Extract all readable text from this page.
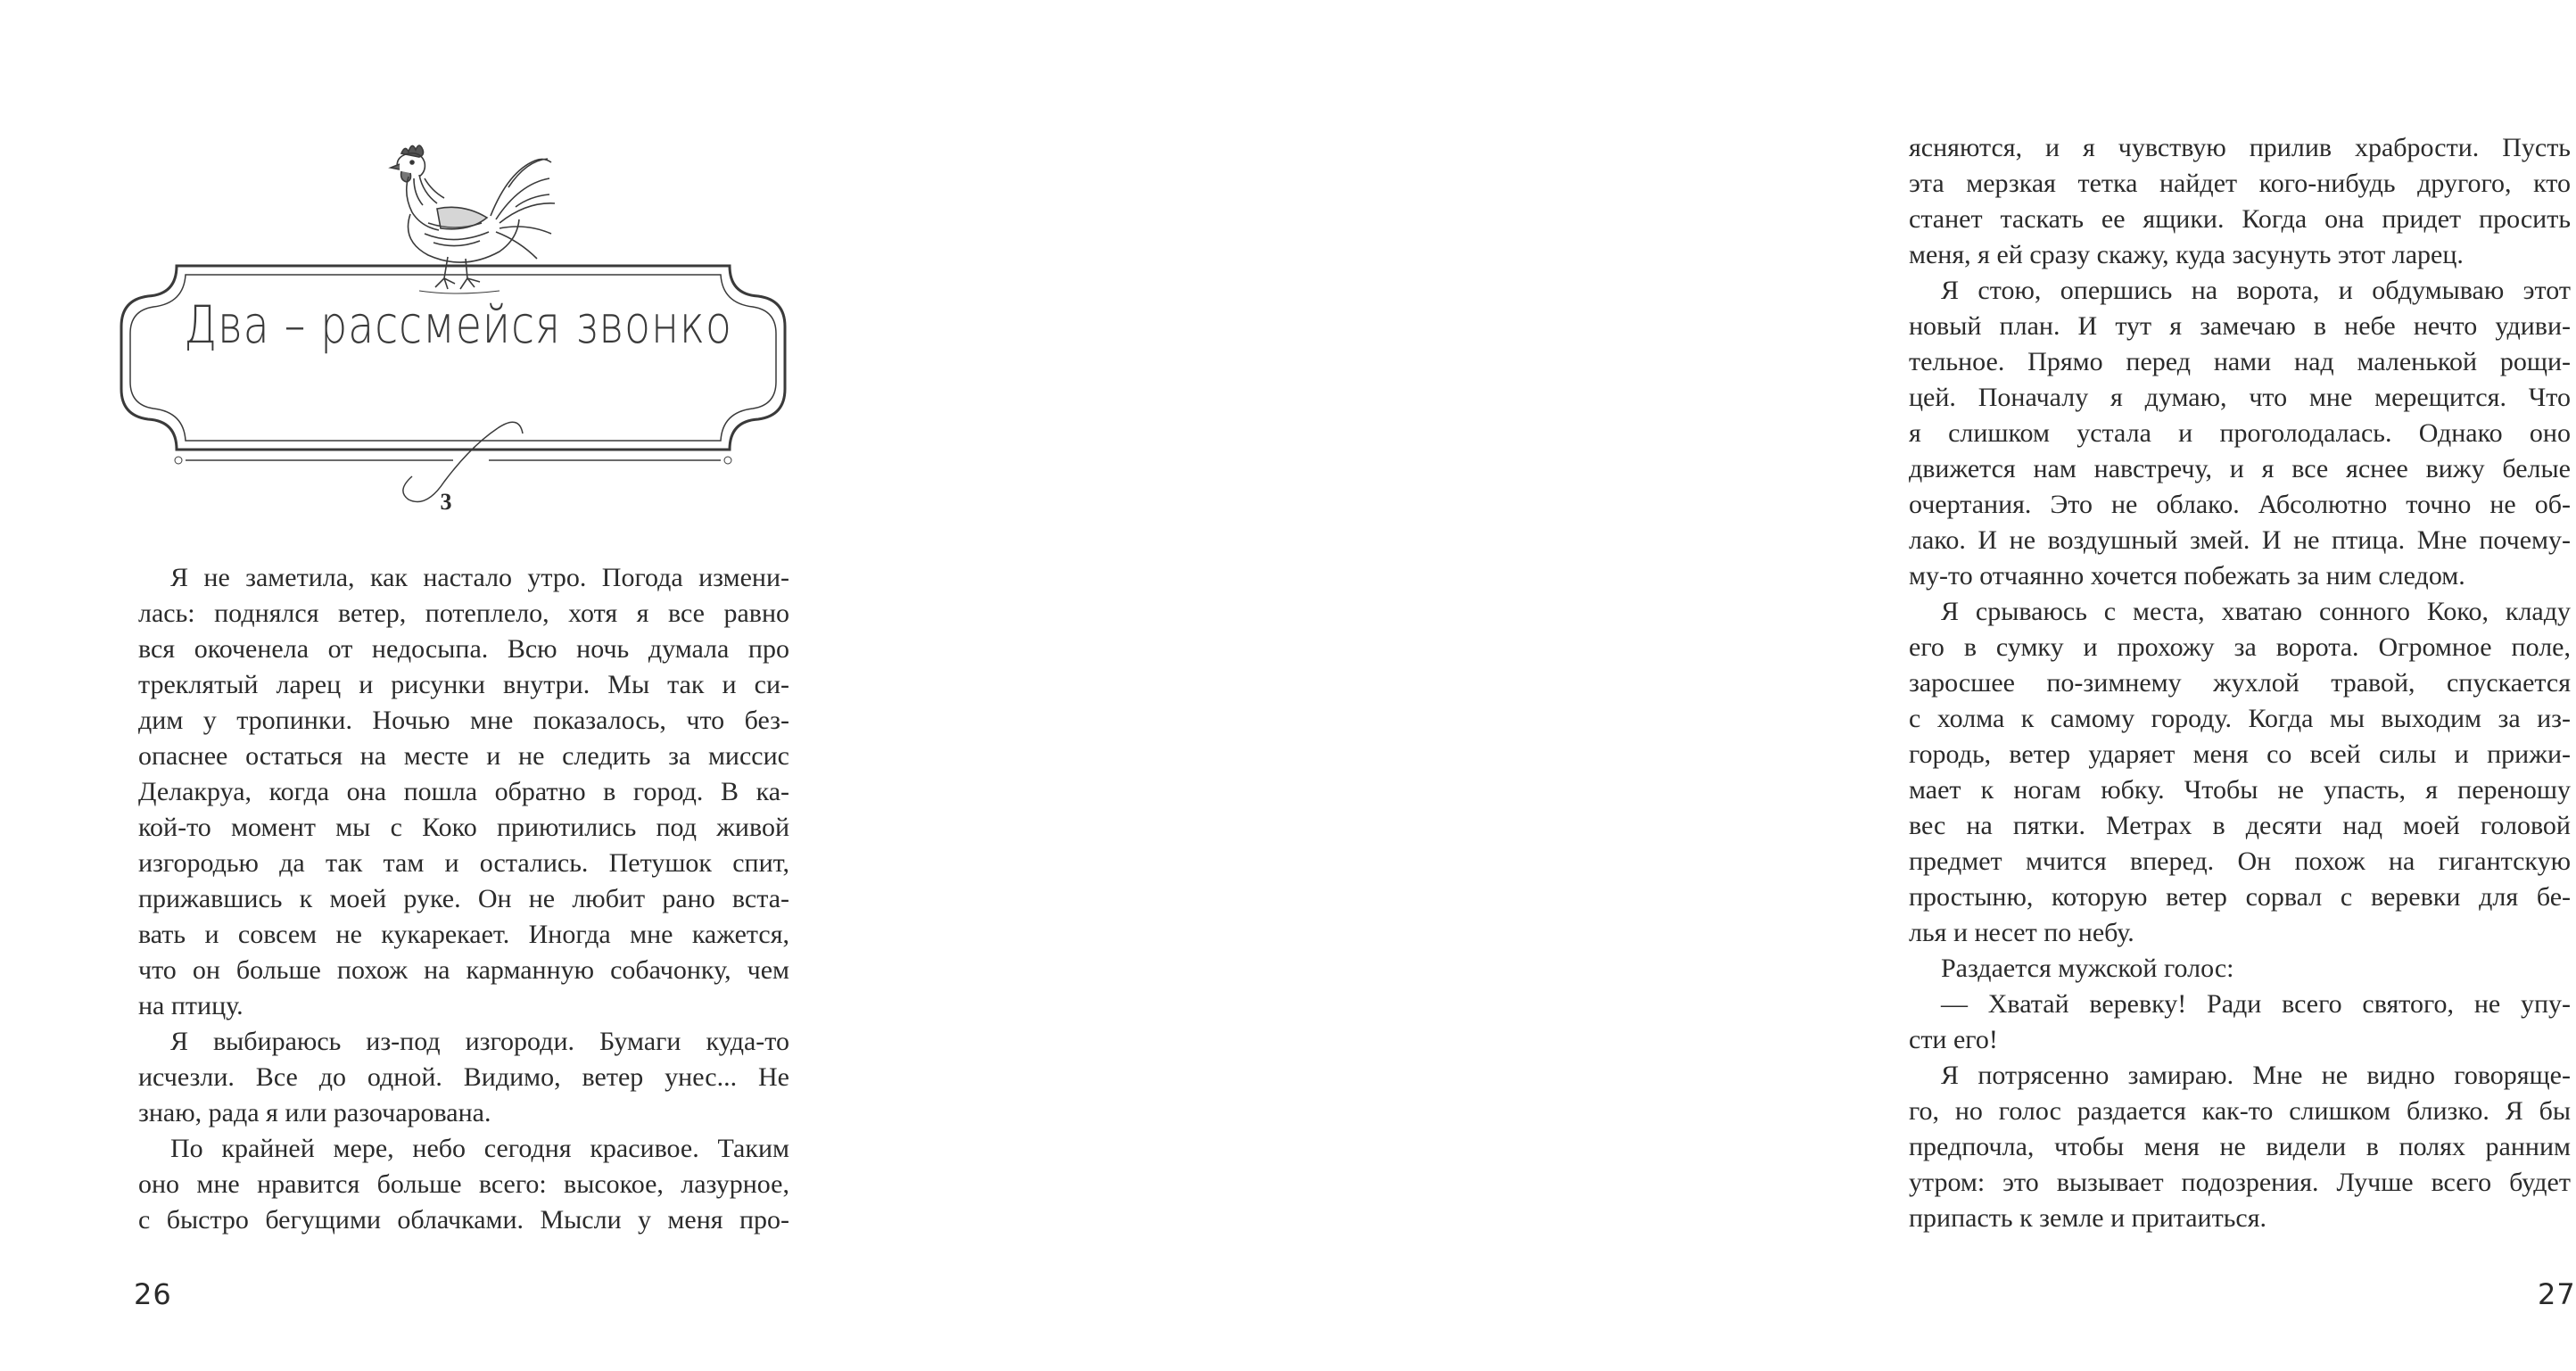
Два – рассмейся звонко
3
Я не заметила, как настало утро. Погода измени-
лась: поднялся ветер, потеплело, хотя я все равно
вся окоченела от недосыпа. Всю ночь думала про
треклятый ларец и рисунки внутри. Мы так и си-
дим у тропинки. Ночью мне показалось, что без-
опаснее остаться на месте и не следить за миссис
Делакруа, когда она пошла обратно в город. В ка-
кой-то момент мы с Коко приютились под живой
изгородью да так там и остались. Петушок спит,
прижавшись к моей руке. Он не любит рано вста-
вать и совсем не кукарекает. Иногда мне кажется,
что он больше похож на карманную собачонку, чем
на птицу.
Я выбираюсь из-под изгороди. Бумаги куда-то
исчезли. Все до одной. Видимо, ветер унес... Не
знаю, рада я или разочарована.
По крайней мере, небо сегодня красивое. Таким
оно мне нравится больше всего: высокое, лазурное,
с быстро бегущими облачками. Мысли у меня про-
26
ясняются, и я чувствую прилив храбрости. Пусть
эта мерзкая тетка найдет кого-нибудь другого, кто
станет таскать ее ящики. Когда она придет просить
меня, я ей сразу скажу, куда засунуть этот ларец.
Я стою, опершись на ворота, и обдумываю этот
новый план. И тут я замечаю в небе нечто удиви-
тельное. Прямо перед нами над маленькой рощи-
цей. Поначалу я думаю, что мне мерещится. Что
я слишком устала и проголодалась. Однако оно
движется нам навстречу, и я все яснее вижу белые
очертания. Это не облако. Абсолютно точно не об-
лако. И не воздушный змей. И не птица. Мне почему-
му-то отчаянно хочется побежать за ним следом.
Я срываюсь с места, хватаю сонного Коко, кладу
его в сумку и прохожу за ворота. Огромное поле,
заросшее по-зимнему жухлой травой, спускается
с холма к самому городу. Когда мы выходим за из-
городь, ветер ударяет меня со всей силы и прижи-
мает к ногам юбку. Чтобы не упасть, я переношу
вес на пятки. Метрах в десяти над моей головой
предмет мчится вперед. Он похож на гигантскую
простыню, которую ветер сорвал с веревки для бе-
лья и несет по небу.
Раздается мужской голос:
— Хватай веревку! Ради всего святого, не упу-
сти его!
Я потрясенно замираю. Мне не видно говоряще-
го, но голос раздается как-то слишком близко. Я бы
предпочла, чтобы меня не видели в полях ранним
утром: это вызывает подозрения. Лучше всего будет
припасть к земле и притаиться.
27
